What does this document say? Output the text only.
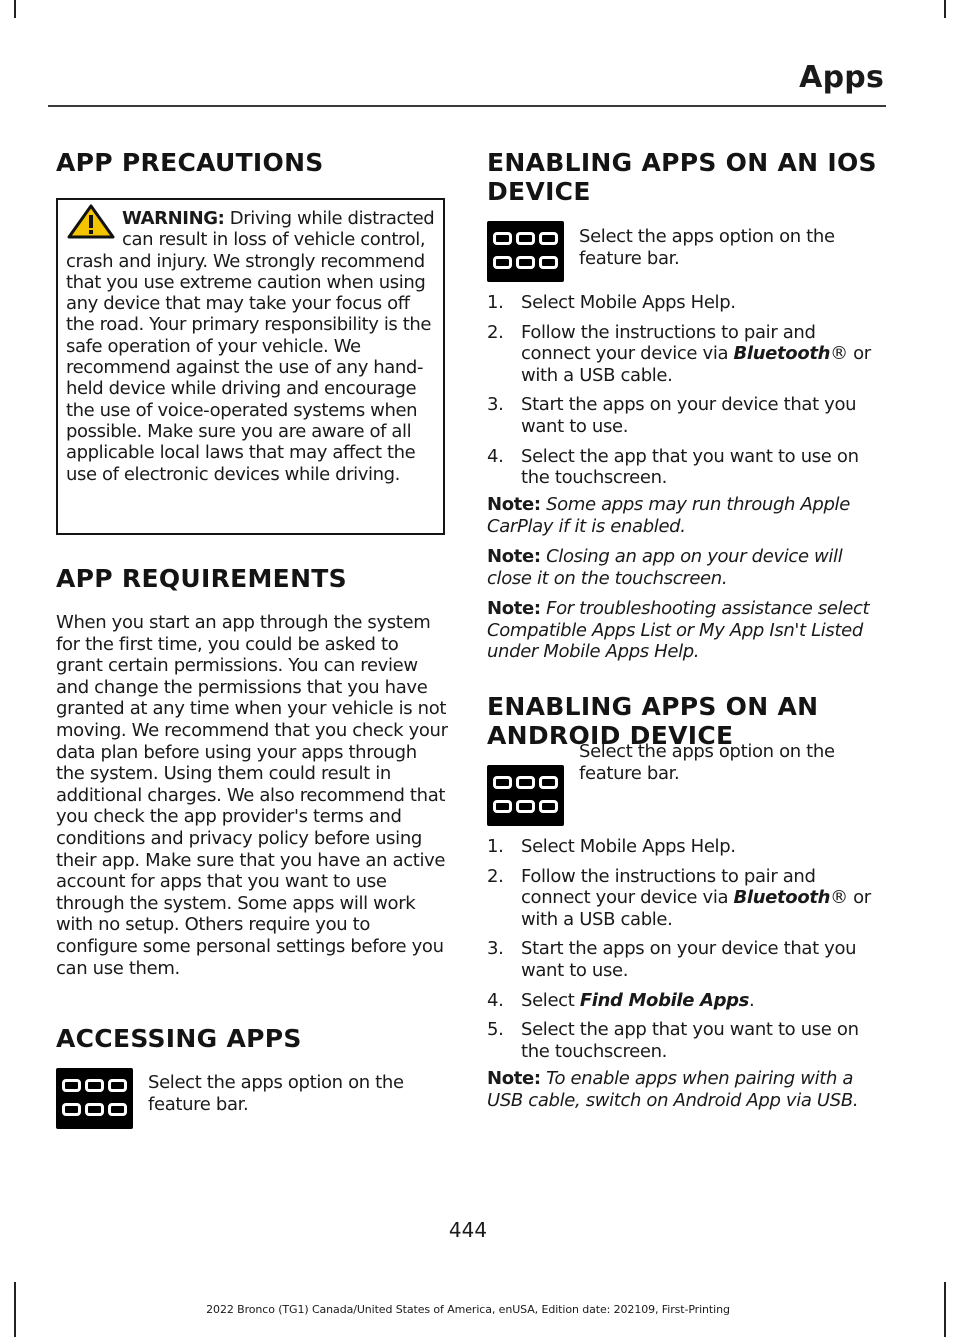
Apps
APP PRECAUTIONS

WARNING: Driving while distracted can result in loss of vehicle control, crash and injury. We strongly recommend that you use extreme caution when using any device that may take your focus off the road. Your primary responsibility is the safe operation of your vehicle. We recommend against the use of any hand-held device while driving and encourage the use of voice-operated systems when possible. Make sure you are aware of all applicable local laws that may affect the use of electronic devices while driving.

APP REQUIREMENTS

When you start an app through the system for the first time, you could be asked to grant certain permissions. You can review and change the permissions that you have granted at any time when your vehicle is not moving. We recommend that you check your data plan before using your apps through the system. Using them could result in additional charges. We also recommend that you check the app provider's terms and conditions and privacy policy before using their app. Make sure that you have an active account for apps that you want to use through the system. Some apps will work with no setup. Others require you to configure some personal settings before you can use them.

ACCESSING APPS

Select the apps option on the feature bar.

ENABLING APPS ON AN IOS
DEVICE

Select the apps option on the feature bar.

1. Select Mobile Apps Help.
2. Follow the instructions to pair and connect your device via Bluetooth® or with a USB cable.
3. Start the apps on your device that you want to use.
4. Select the app that you want to use on the touchscreen.

Note: Some apps may run through Apple CarPlay if it is enabled.

Note: Closing an app on your device will close it on the touchscreen.

Note: For troubleshooting assistance select Compatible Apps List or My App Isn't Listed under Mobile Apps Help.

ENABLING APPS ON AN
ANDROID DEVICE

Select the apps option on the feature bar.

1. Select Mobile Apps Help.
2. Follow the instructions to pair and connect your device via Bluetooth® or with a USB cable.
3. Start the apps on your device that you want to use.
4. Select Find Mobile Apps.
5. Select the app that you want to use on the touchscreen.

Note: To enable apps when pairing with a USB cable, switch on Android App via USB.

444
2022 Bronco (TG1) Canada/United States of America, enUSA, Edition date: 202109, First-Printing
